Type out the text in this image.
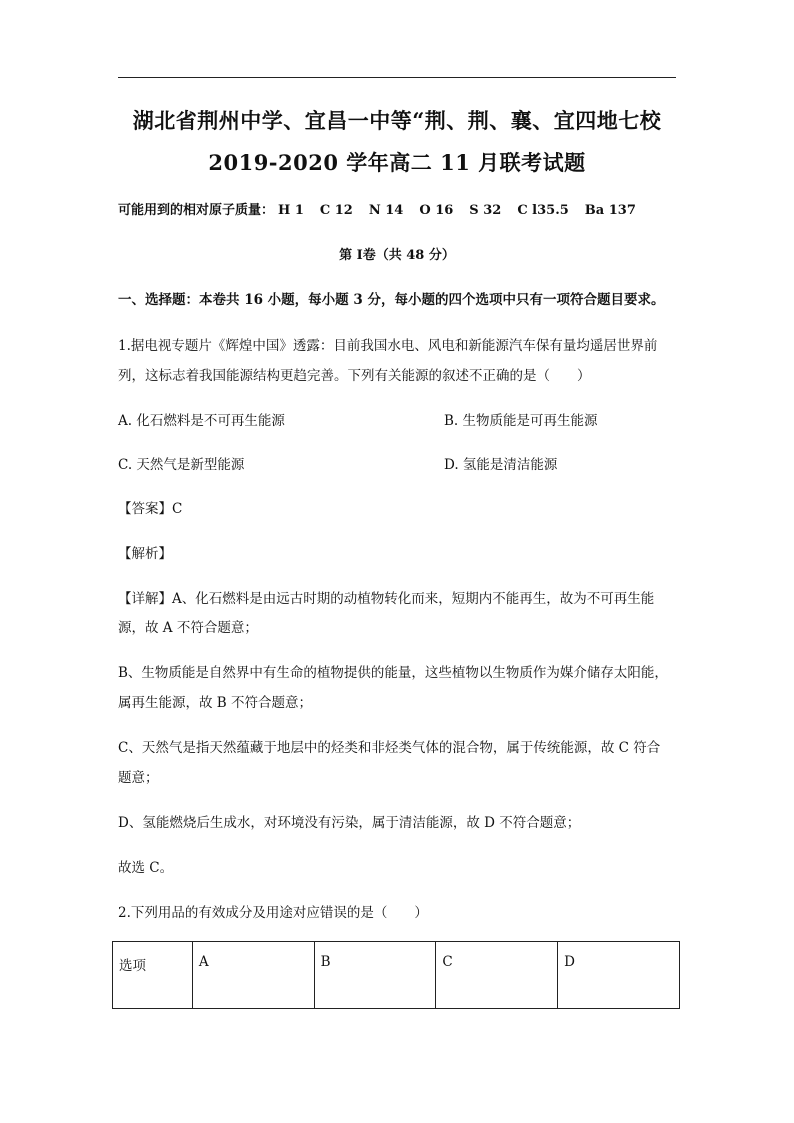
湖北省荆州中学、宜昌一中等“荆、荆、襄、宜四地七校
2019-2020 学年高二 11 月联考试题
可能用到的相对原子质量： H 1 C 12 N 14 O 16 S 32 C l35.5 Ba 137
第 Ⅰ卷（共 48 分）
一、选择题：本卷共 16 小题，每小题 3 分，每小题的四个选项中只有一项符合题目要求。
1.据电视专题片《辉煌中国》透露：目前我国水电、风电和新能源汽车保有量均遥居世界前
列，这标志着我国能源结构更趋完善。下列有关能源的叙述不正确的是（　　）
A. 化石燃料是不可再生能源	B. 生物质能是可再生能源
C. 天然气是新型能源	D. 氢能是清洁能源
【答案】C
【解析】
【详解】A、化石燃料是由远古时期的动植物转化而来，短期内不能再生，故为不可再生能
源，故 A 不符合题意；
B、生物质能是自然界中有生命的植物提供的能量，这些植物以生物质作为媒介储存太阳能，
属再生能源，故 B 不符合题意；
C、天然气是指天然蕴藏于地层中的烃类和非烃类气体的混合物，属于传统能源，故 C 符合
题意；
D、氢能燃烧后生成水，对环境没有污染，属于清洁能源，故 D 不符合题意；
故选 C。
2.下列用品的有效成分及用途对应错误的是（　　）
选项	A	B	C	D
